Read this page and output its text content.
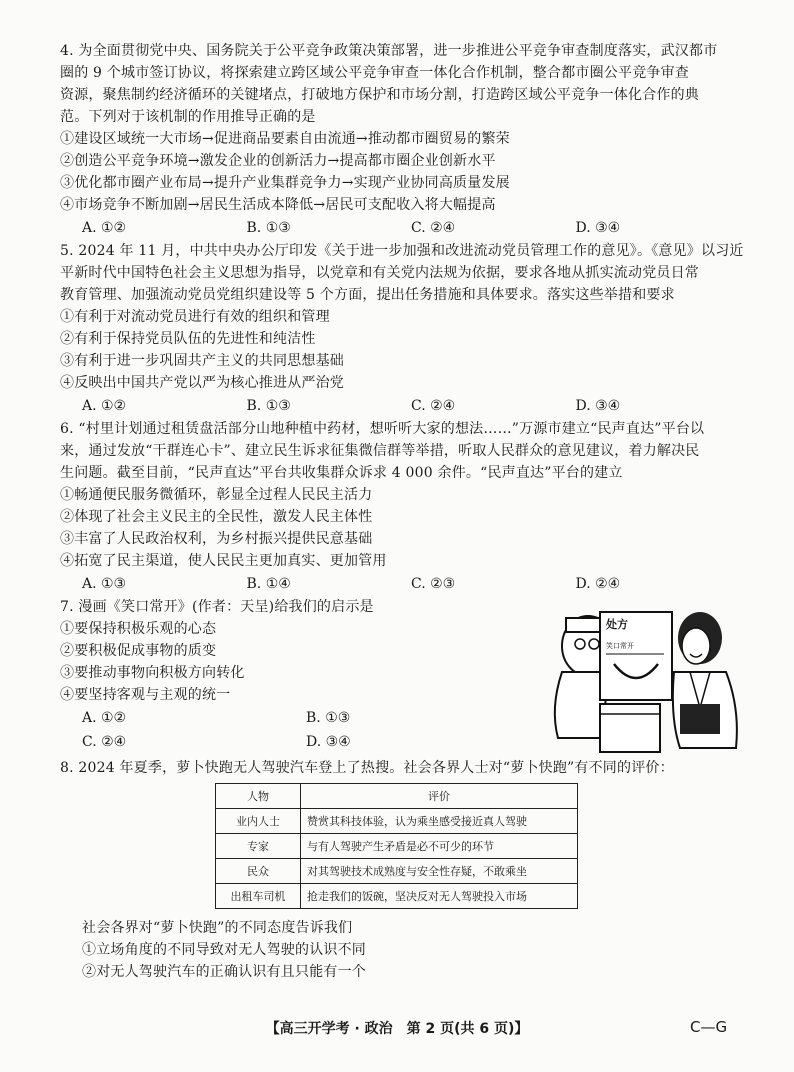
4. 为全面贯彻党中央、国务院关于公平竞争政策决策部署，进一步推进公平竞争审查制度落实，武汉都市
圈的 9 个城市签订协议，将探索建立跨区域公平竞争审查一体化合作机制，整合都市圈公平竞争审查
资源，聚焦制约经济循环的关键堵点，打破地方保护和市场分割，打造跨区域公平竞争一体化合作的典
范。下列对于该机制的作用推导正确的是
①建设区域统一大市场→促进商品要素自由流通→推动都市圈贸易的繁荣
②创造公平竞争环境→激发企业的创新活力→提高都市圈企业创新水平
③优化都市圈产业布局→提升产业集群竞争力→实现产业协同高质量发展
④市场竞争不断加剧→居民生活成本降低→居民可支配收入将大幅提高
A. ①②	B. ①③	C. ②④	D. ③④
5. 2024 年 11 月，中共中央办公厅印发《关于进一步加强和改进流动党员管理工作的意见》。《意见》以习近
平新时代中国特色社会主义思想为指导，以党章和有关党内法规为依据，要求各地从抓实流动党员日常
教育管理、加强流动党员党组织建设等 5 个方面，提出任务措施和具体要求。落实这些举措和要求
①有利于对流动党员进行有效的组织和管理
②有利于保持党员队伍的先进性和纯洁性
③有利于进一步巩固共产主义的共同思想基础
④反映出中国共产党以严为核心推进从严治党
A. ①②	B. ①③	C. ②④	D. ③④
6. “村里计划通过租赁盘活部分山地种植中药材，想听听大家的想法……”万源市建立“民声直达”平台以
来，通过发放“干群连心卡”、建立民生诉求征集微信群等举措，听取人民群众的意见建议，着力解决民
生问题。截至目前，“民声直达”平台共收集群众诉求 4 000 余件。“民声直达”平台的建立
①畅通便民服务微循环，彰显全过程人民民主活力
②体现了社会主义民主的全民性，激发人民主体性
③丰富了人民政治权利，为乡村振兴提供民意基础
④拓宽了民主渠道，使人民民主更加真实、更加管用
A. ①③	B. ①④	C. ②③	D. ②④
7. 漫画《笑口常开》(作者：天呈)给我们的启示是
①要保持积极乐观的心态
②要积极促成事物的质变
③要推动事物向积极方向转化
④要坚持客观与主观的统一
A. ①②	B. ①③
C. ②④	D. ③④
处方
笑口常开
8. 2024 年夏季，萝卜快跑无人驾驶汽车登上了热搜。社会各界人士对“萝卜快跑”有不同的评价：
人物	评价
业内人士	赞赏其科技体验，认为乘坐感受接近真人驾驶
专家	与有人驾驶产生矛盾是必不可少的环节
民众	对其驾驶技术成熟度与安全性存疑，不敢乘坐
出租车司机	抢走我们的饭碗，坚决反对无人驾驶投入市场
社会各界对“萝卜快跑”的不同态度告诉我们
①立场角度的不同导致对无人驾驶的认识不同
②对无人驾驶汽车的正确认识有且只能有一个
【高三开学考 · 政治　第 2 页(共 6 页)】	C—G
